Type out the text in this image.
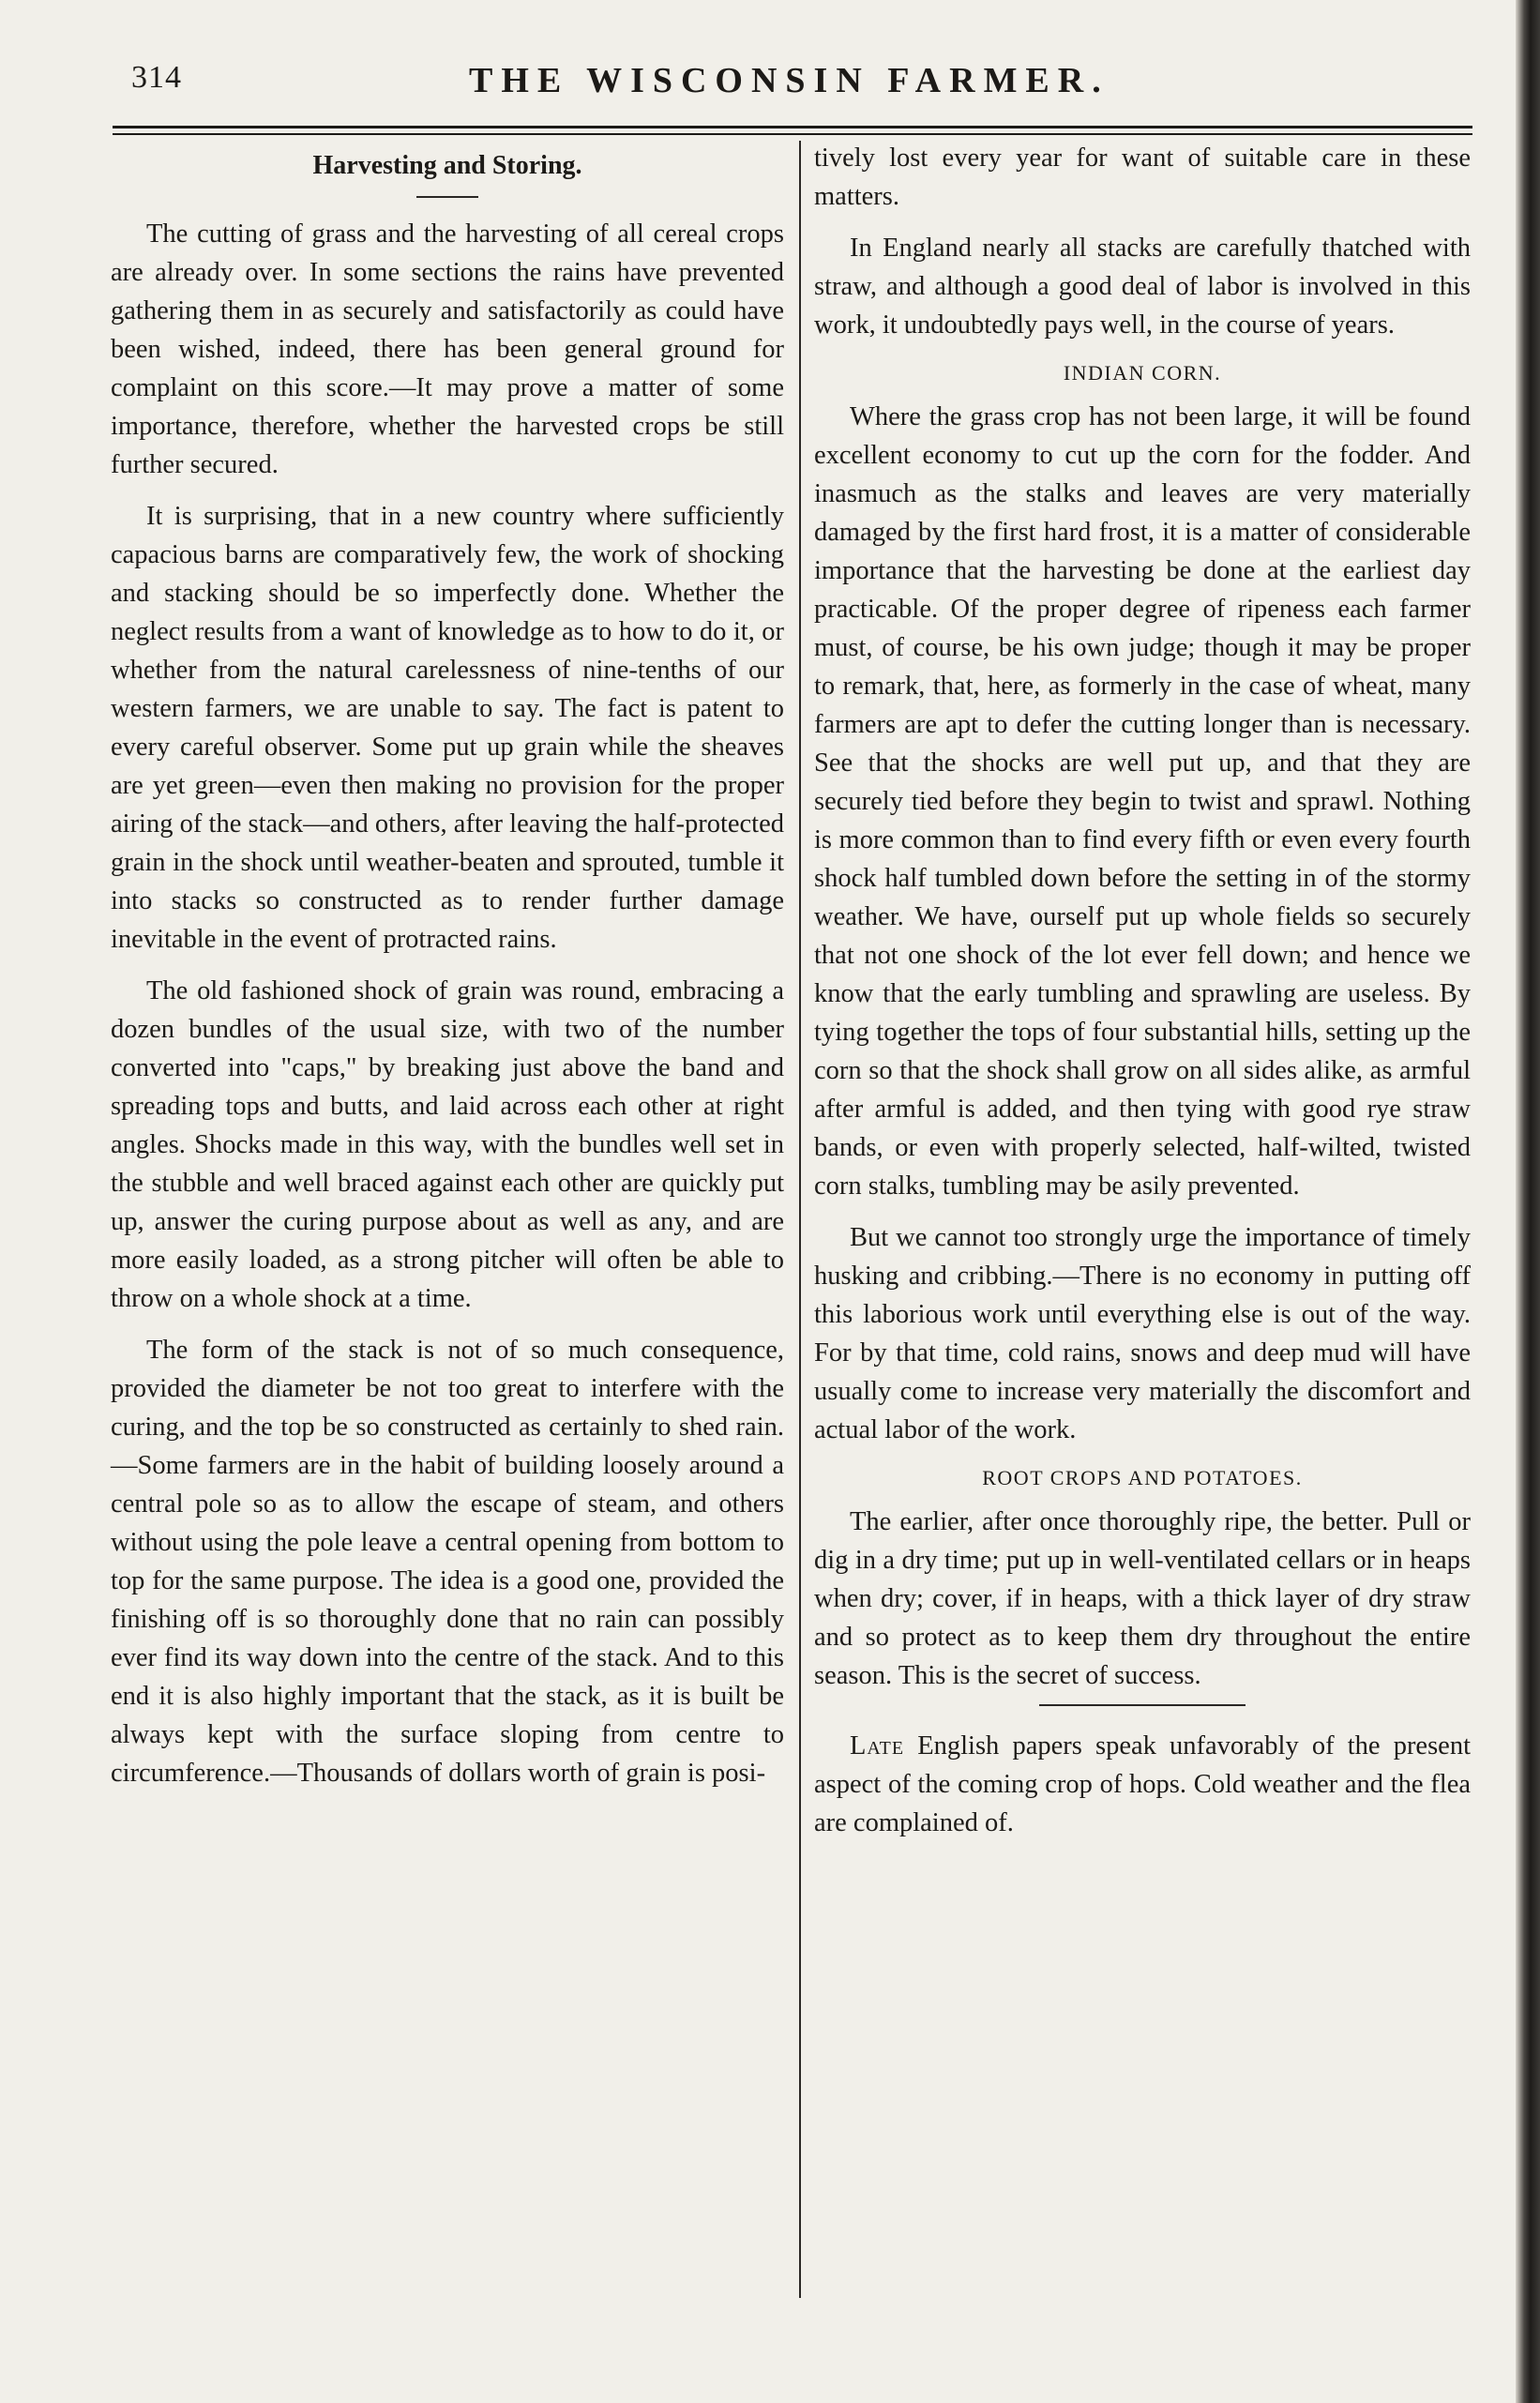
314	THE WISCONSIN FARMER.
Harvesting and Storing.

The cutting of grass and the harvesting of all cereal crops are already over. In some sections the rains have prevented gathering them in as securely and satisfactorily as could have been wished, indeed, there has been general ground for complaint on this score.—It may prove a matter of some importance, therefore, whether the harvested crops be still further secured.

It is surprising, that in a new country where sufficiently capacious barns are comparatively few, the work of shocking and stacking should be so imperfectly done. Whether the neglect results from a want of knowledge as to how to do it, or whether from the natural carelessness of nine-tenths of our western farmers, we are unable to say. The fact is patent to every careful observer. Some put up grain while the sheaves are yet green—even then making no provision for the proper airing of the stack—and others, after leaving the half-protected grain in the shock until weather-beaten and sprouted, tumble it into stacks so constructed as to render further damage inevitable in the event of protracted rains.

The old fashioned shock of grain was round, embracing a dozen bundles of the usual size, with two of the number converted into "caps," by breaking just above the band and spreading tops and butts, and laid across each other at right angles. Shocks made in this way, with the bundles well set in the stubble and well braced against each other are quickly put up, answer the curing purpose about as well as any, and are more easily loaded, as a strong pitcher will often be able to throw on a whole shock at a time.

The form of the stack is not of so much consequence, provided the diameter be not too great to interfere with the curing, and the top be so constructed as certainly to shed rain.—Some farmers are in the habit of building loosely around a central pole so as to allow the escape of steam, and others without using the pole leave a central opening from bottom to top for the same purpose. The idea is a good one, provided the finishing off is so thoroughly done that no rain can possibly ever find its way down into the centre of the stack. And to this end it is also highly important that the stack, as it is built be always kept with the surface sloping from centre to circumference.—Thousands of dollars worth of grain is posi-

tively lost every year for want of suitable care in these matters.

In England nearly all stacks are carefully thatched with straw, and although a good deal of labor is involved in this work, it undoubtedly pays well, in the course of years.

INDIAN CORN.

Where the grass crop has not been large, it will be found excellent economy to cut up the corn for the fodder. And inasmuch as the stalks and leaves are very materially damaged by the first hard frost, it is a matter of considerable importance that the harvesting be done at the earliest day practicable. Of the proper degree of ripeness each farmer must, of course, be his own judge; though it may be proper to remark, that, here, as formerly in the case of wheat, many farmers are apt to defer the cutting longer than is necessary. See that the shocks are well put up, and that they are securely tied before they begin to twist and sprawl. Nothing is more common than to find every fifth or even every fourth shock half tumbled down before the setting in of the stormy weather. We have, ourself put up whole fields so securely that not one shock of the lot ever fell down; and hence we know that the early tumbling and sprawling are useless. By tying together the tops of four substantial hills, setting up the corn so that the shock shall grow on all sides alike, as armful after armful is added, and then tying with good rye straw bands, or even with properly selected, half-wilted, twisted corn stalks, tumbling may be asily prevented.

But we cannot too strongly urge the importance of timely husking and cribbing.—There is no economy in putting off this laborious work until everything else is out of the way. For by that time, cold rains, snows and deep mud will have usually come to increase very materially the discomfort and actual labor of the work.

ROOT CROPS AND POTATOES.

The earlier, after once thoroughly ripe, the better. Pull or dig in a dry time; put up in well-ventilated cellars or in heaps when dry; cover, if in heaps, with a thick layer of dry straw and so protect as to keep them dry throughout the entire season. This is the secret of success.

Late English papers speak unfavorably of the present aspect of the coming crop of hops. Cold weather and the flea are complained of.
